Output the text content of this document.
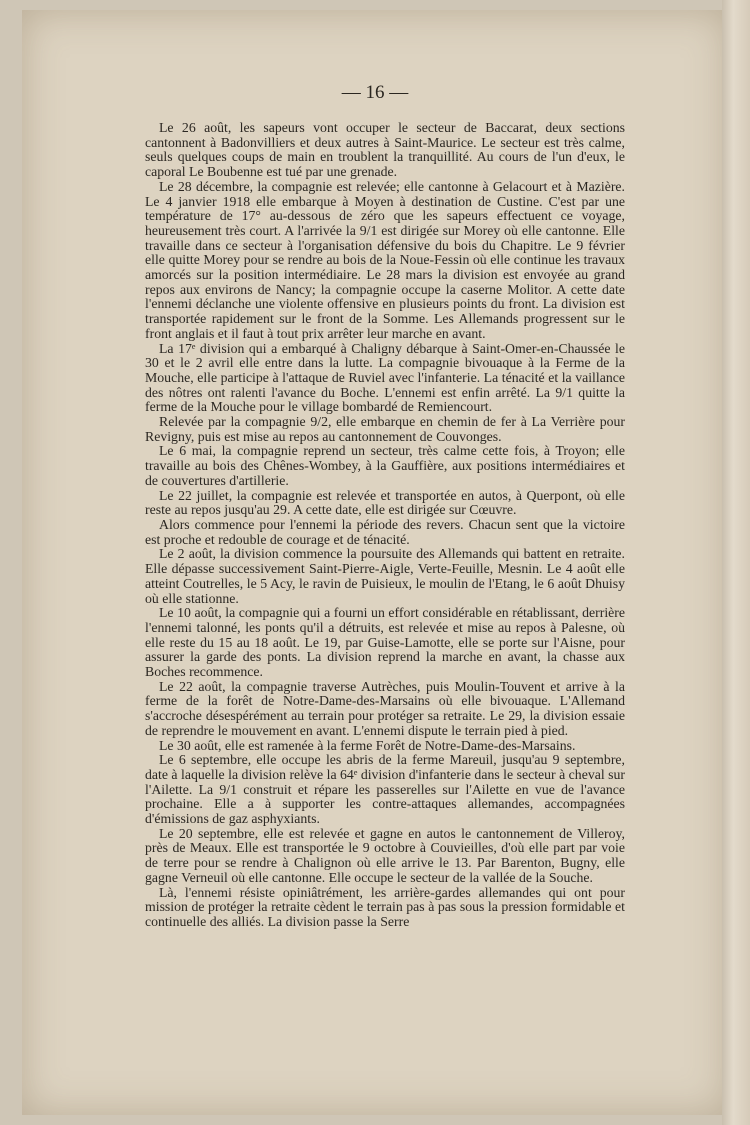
— 16 —

Le 26 août, les sapeurs vont occuper le secteur de Baccarat, deux sections cantonnent à Badonvilliers et deux autres à Saint-Maurice. Le secteur est très calme, seuls quelques coups de main en troublent la tranquillité. Au cours de l'un d'eux, le caporal Le Boubenne est tué par une grenade.

Le 28 décembre, la compagnie est relevée; elle cantonne à Gelacourt et à Mazière. Le 4 janvier 1918 elle embarque à Moyen à destination de Custine. C'est par une température de 17° au-dessous de zéro que les sapeurs effectuent ce voyage, heureusement très court. A l'arrivée la 9/1 est dirigée sur Morey où elle cantonne. Elle travaille dans ce secteur à l'organisation défensive du bois du Chapitre. Le 9 février elle quitte Morey pour se rendre au bois de la Noue-Fessin où elle continue les travaux amorcés sur la position intermédiaire. Le 28 mars la division est envoyée au grand repos aux environs de Nancy; la compagnie occupe la caserne Molitor. A cette date l'ennemi déclanche une violente offensive en plusieurs points du front. La division est transportée rapidement sur le front de la Somme. Les Allemands progressent sur le front anglais et il faut à tout prix arrêter leur marche en avant.

La 17ᵉ division qui a embarqué à Chaligny débarque à Saint-Omer-en-Chaussée le 30 et le 2 avril elle entre dans la lutte. La compagnie bivouaque à la Ferme de la Mouche, elle participe à l'attaque de Ruviel avec l'infanterie. La ténacité et la vaillance des nôtres ont ralenti l'avance du Boche. L'ennemi est enfin arrêté. La 9/1 quitte la ferme de la Mouche pour le village bombardé de Remiencourt.

Relevée par la compagnie 9/2, elle embarque en chemin de fer à La Verrière pour Revigny, puis est mise au repos au cantonnement de Couvonges.

Le 6 mai, la compagnie reprend un secteur, très calme cette fois, à Troyon; elle travaille au bois des Chênes-Wombey, à la Gauffière, aux positions intermédiaires et de couvertures d'artillerie.

Le 22 juillet, la compagnie est relevée et transportée en autos, à Querpont, où elle reste au repos jusqu'au 29. A cette date, elle est dirigée sur Cœuvre.

Alors commence pour l'ennemi la période des revers. Chacun sent que la victoire est proche et redouble de courage et de ténacité.

Le 2 août, la division commence la poursuite des Allemands qui battent en retraite. Elle dépasse successivement Saint-Pierre-Aigle, Verte-Feuille, Mesnin. Le 4 août elle atteint Coutrelles, le 5 Acy, le ravin de Puisieux, le moulin de l'Etang, le 6 août Dhuisy où elle stationne.

Le 10 août, la compagnie qui a fourni un effort considérable en rétablissant, derrière l'ennemi talonné, les ponts qu'il a détruits, est relevée et mise au repos à Palesne, où elle reste du 15 au 18 août. Le 19, par Guise-Lamotte, elle se porte sur l'Aisne, pour assurer la garde des ponts. La division reprend la marche en avant, la chasse aux Boches recommence.

Le 22 août, la compagnie traverse Autrèches, puis Moulin-Touvent et arrive à la ferme de la forêt de Notre-Dame-des-Marsains où elle bivouaque. L'Allemand s'accroche désespérément au terrain pour protéger sa retraite. Le 29, la division essaie de reprendre le mouvement en avant. L'ennemi dispute le terrain pied à pied.

Le 30 août, elle est ramenée à la ferme Forêt de Notre-Dame-des-Marsains.

Le 6 septembre, elle occupe les abris de la ferme Mareuil, jusqu'au 9 septembre, date à laquelle la division relève la 64ᵉ division d'infanterie dans le secteur à cheval sur l'Ailette. La 9/1 construit et répare les passerelles sur l'Ailette en vue de l'avance prochaine. Elle a à supporter les contre-attaques allemandes, accompagnées d'émissions de gaz asphyxiants.

Le 20 septembre, elle est relevée et gagne en autos le cantonnement de Villeroy, près de Meaux. Elle est transportée le 9 octobre à Couvieilles, d'où elle part par voie de terre pour se rendre à Chalignon où elle arrive le 13. Par Barenton, Bugny, elle gagne Verneuil où elle cantonne. Elle occupe le secteur de la vallée de la Souche.

Là, l'ennemi résiste opiniâtrément, les arrière-gardes allemandes qui ont pour mission de protéger la retraite cèdent le terrain pas à pas sous la pression formidable et continuelle des alliés. La division passe la Serre
